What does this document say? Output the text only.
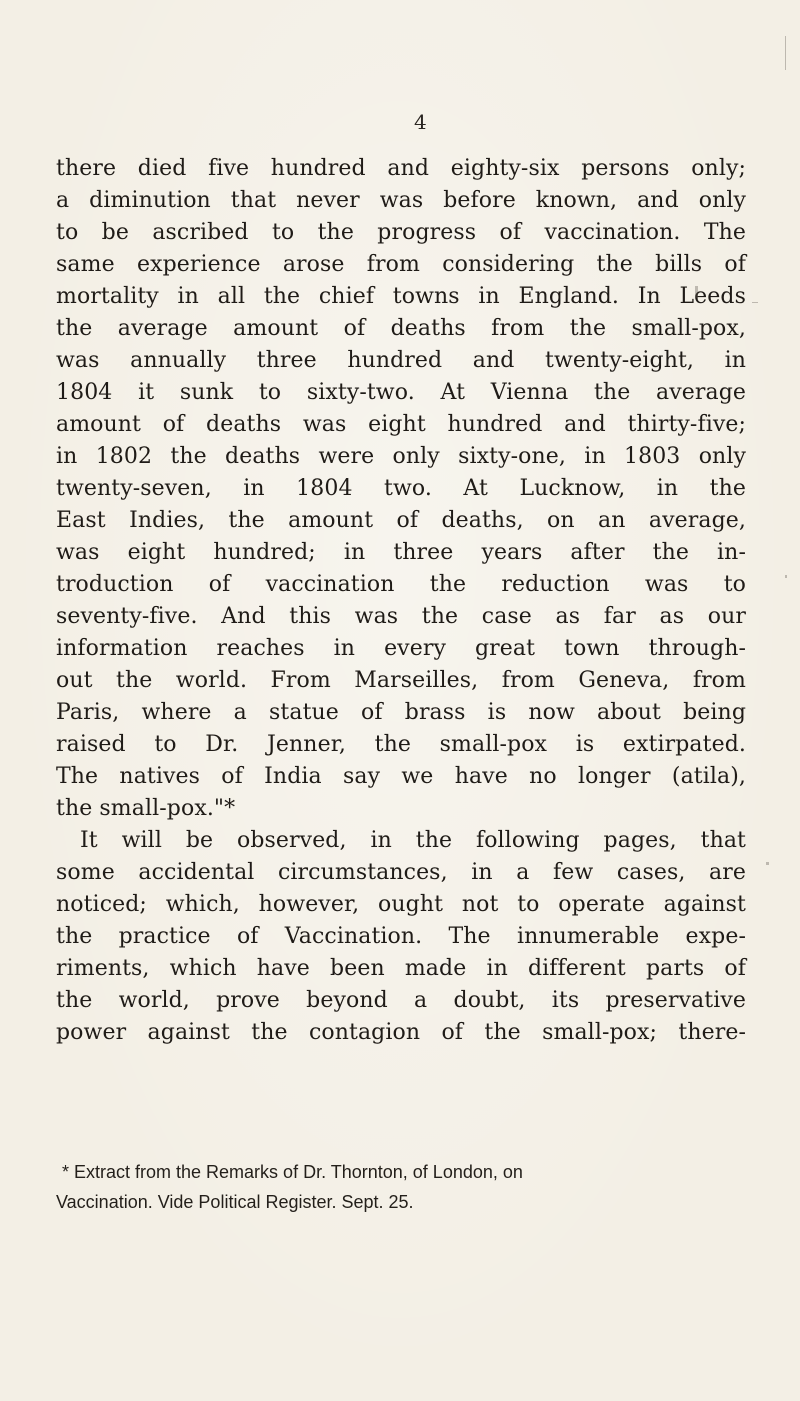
4
there died five hundred and eighty-six persons only;
a diminution that never was before known, and only
to be ascribed to the progress of vaccination. The
same experience arose from considering the bills of
mortality in all the chief towns in England. In Leeds
the average amount of deaths from the small-pox,
was annually three hundred and twenty-eight, in
1804 it sunk to sixty-two. At Vienna the average
amount of deaths was eight hundred and thirty-five;
in 1802 the deaths were only sixty-one, in 1803 only
twenty-seven, in 1804 two. At Lucknow, in the
East Indies, the amount of deaths, on an average,
was eight hundred; in three years after the in-
troduction of vaccination the reduction was to
seventy-five. And this was the case as far as our
information reaches in every great town through-
out the world. From Marseilles, from Geneva, from
Paris, where a statue of brass is now about being
raised to Dr. Jenner, the small-pox is extirpated.
The natives of India say we have no longer (atila),
the small-pox."*
It will be observed, in the following pages, that
some accidental circumstances, in a few cases, are
noticed; which, however, ought not to operate against
the practice of Vaccination. The innumerable expe-
riments, which have been made in different parts of
the world, prove beyond a doubt, its preservative
power against the contagion of the small-pox; there-
* Extract from the Remarks of Dr. Thornton, of London, on
Vaccination. Vide Political Register. Sept. 25.
